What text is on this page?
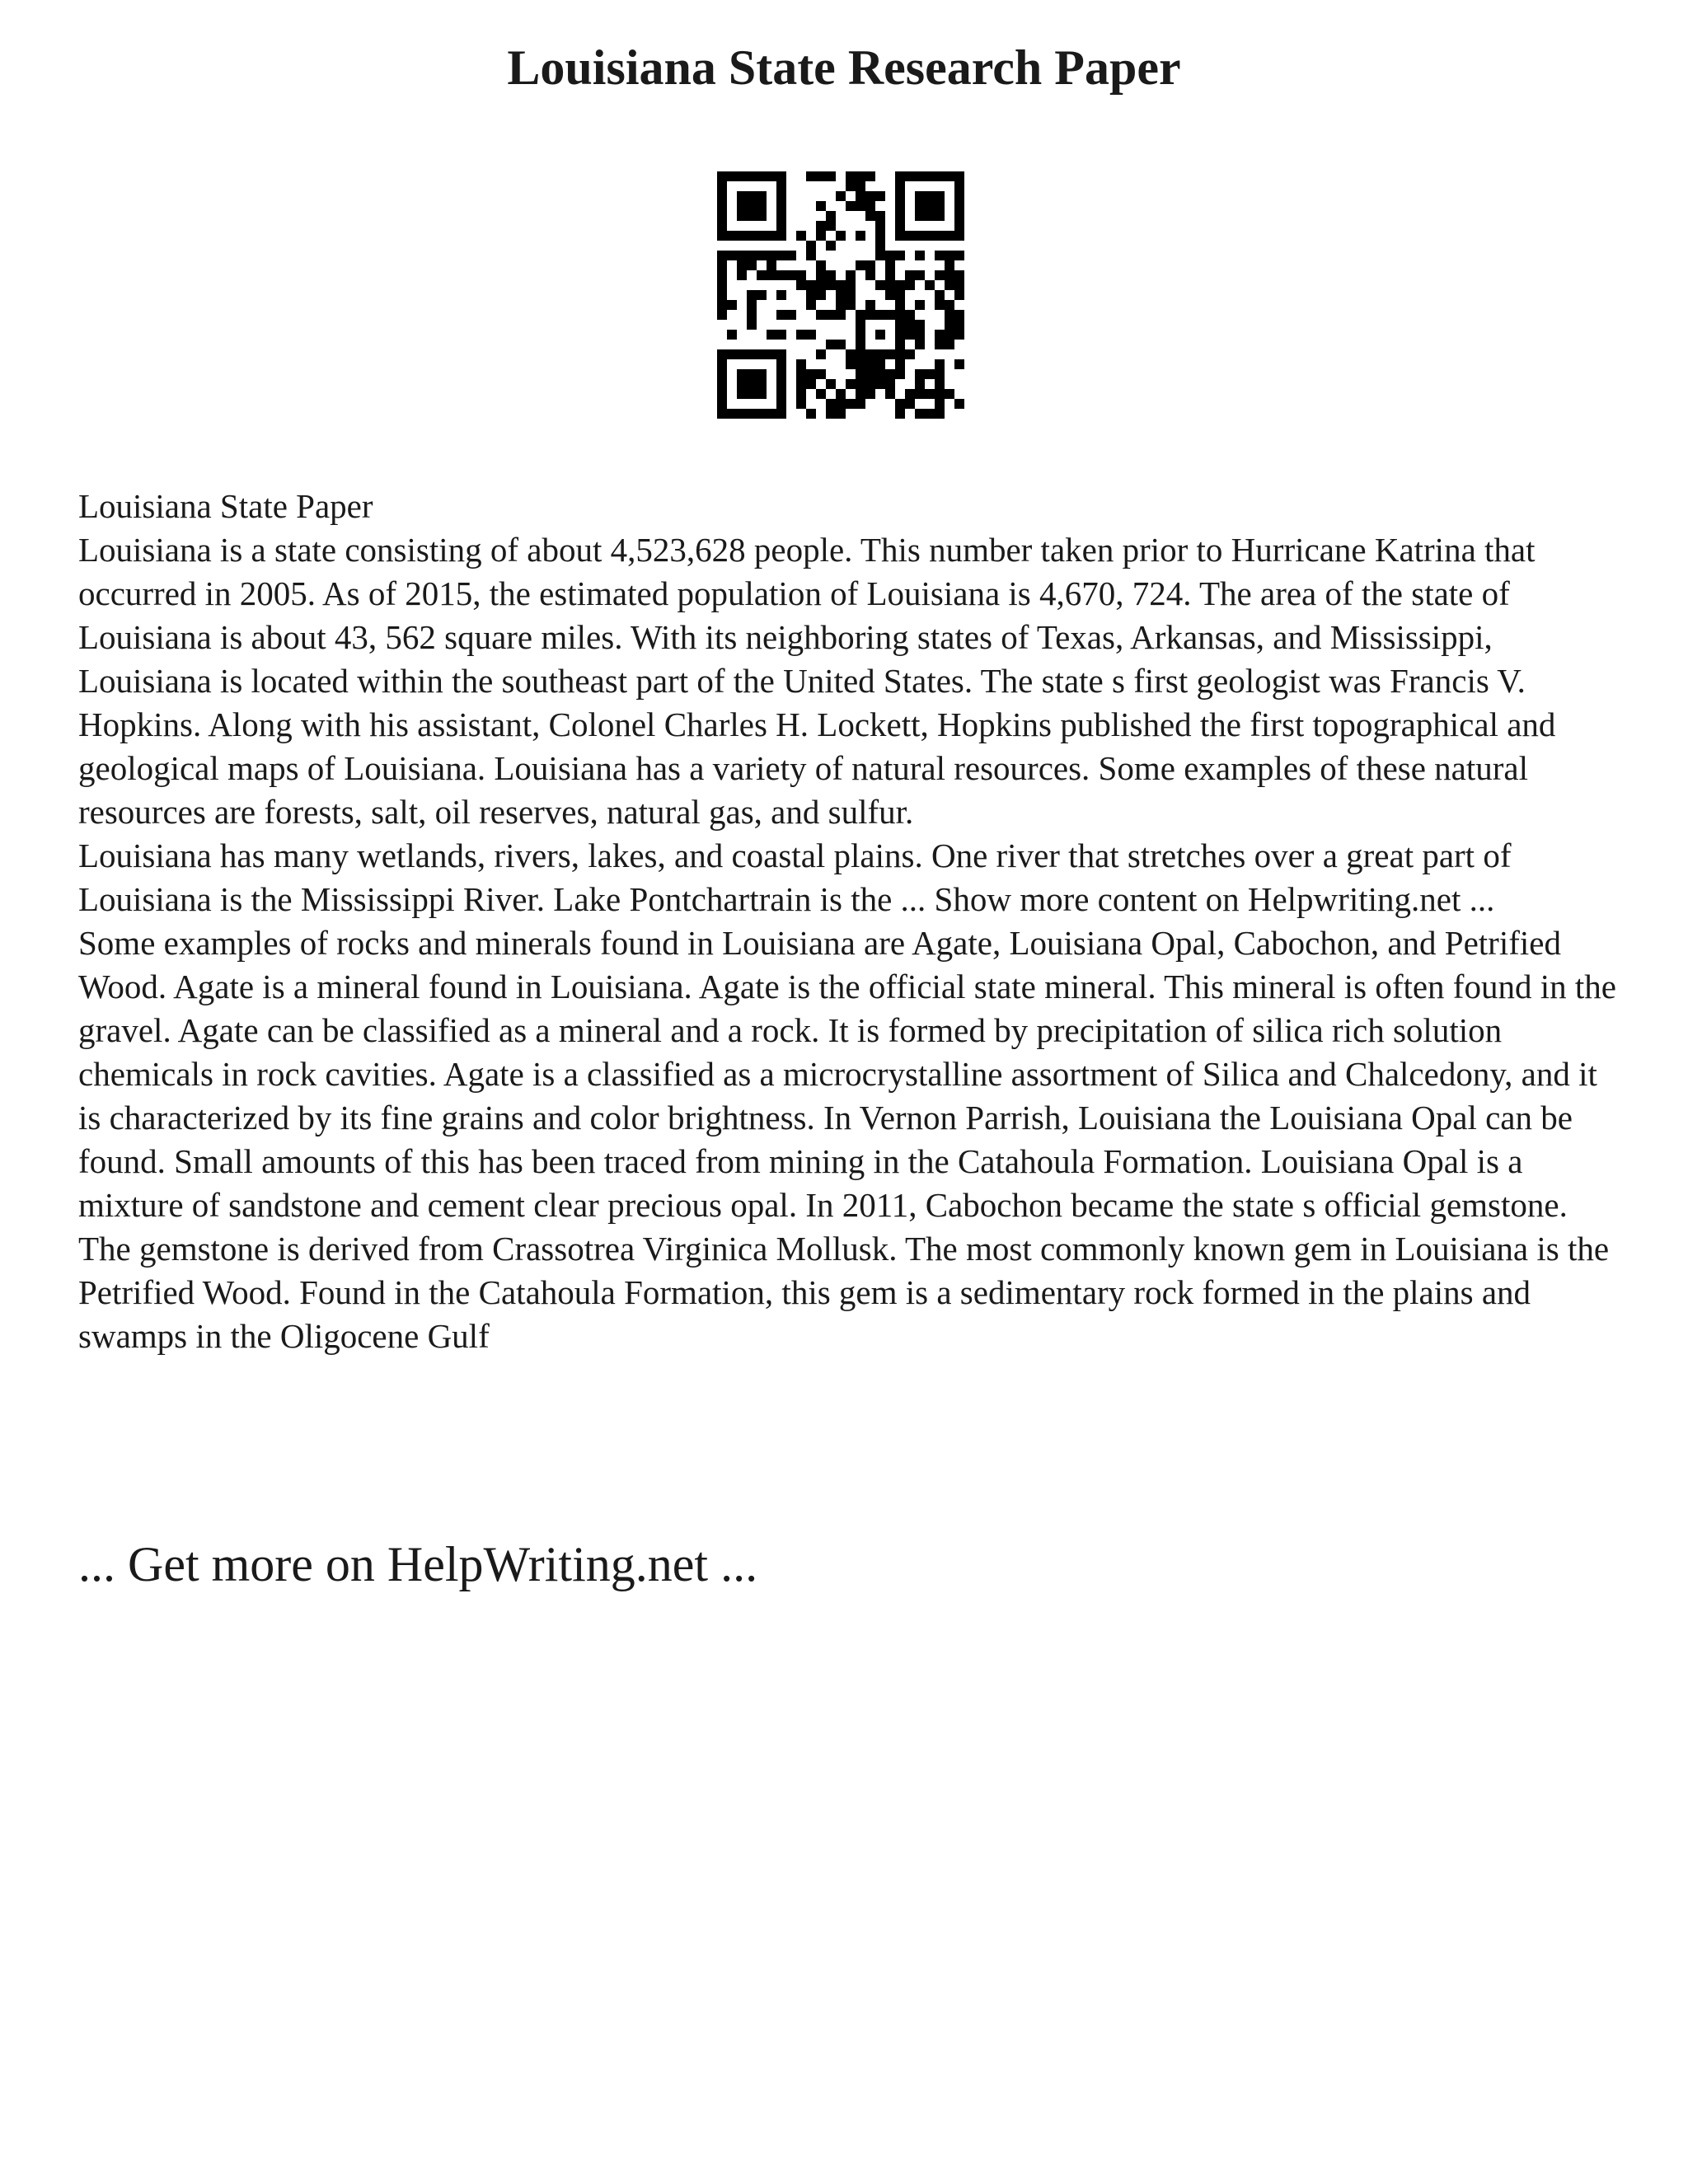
Louisiana State Research Paper

Louisiana State Paper

Louisiana is a state consisting of about 4,523,628 people. This number taken prior to Hurricane Katrina that occurred in 2005. As of 2015, the estimated population of Louisiana is 4,670, 724. The area of the state of Louisiana is about 43, 562 square miles. With its neighboring states of Texas, Arkansas, and Mississippi, Louisiana is located within the southeast part of the United States. The state s first geologist was Francis V. Hopkins. Along with his assistant, Colonel Charles H. Lockett, Hopkins published the first topographical and geological maps of Louisiana. Louisiana has a variety of natural resources. Some examples of these natural resources are forests, salt, oil reserves, natural gas, and sulfur.

Louisiana has many wetlands, rivers, lakes, and coastal plains. One river that stretches over a great part of Louisiana is the Mississippi River. Lake Pontchartrain is the ... Show more content on Helpwriting.net ...

Some examples of rocks and minerals found in Louisiana are Agate, Louisiana Opal, Cabochon, and Petrified Wood. Agate is a mineral found in Louisiana. Agate is the official state mineral. This mineral is often found in the gravel. Agate can be classified as a mineral and a rock. It is formed by precipitation of silica rich solution chemicals in rock cavities. Agate is a classified as a microcrystalline assortment of Silica and Chalcedony, and it is characterized by its fine grains and color brightness. In Vernon Parrish, Louisiana the Louisiana Opal can be found. Small amounts of this has been traced from mining in the Catahoula Formation. Louisiana Opal is a mixture of sandstone and cement clear precious opal. In 2011, Cabochon became the state s official gemstone. The gemstone is derived from Crassotrea Virginica Mollusk. The most commonly known gem in Louisiana is the Petrified Wood. Found in the Catahoula Formation, this gem is a sedimentary rock formed in the plains and swamps in the Oligocene Gulf

... Get more on HelpWriting.net ...
